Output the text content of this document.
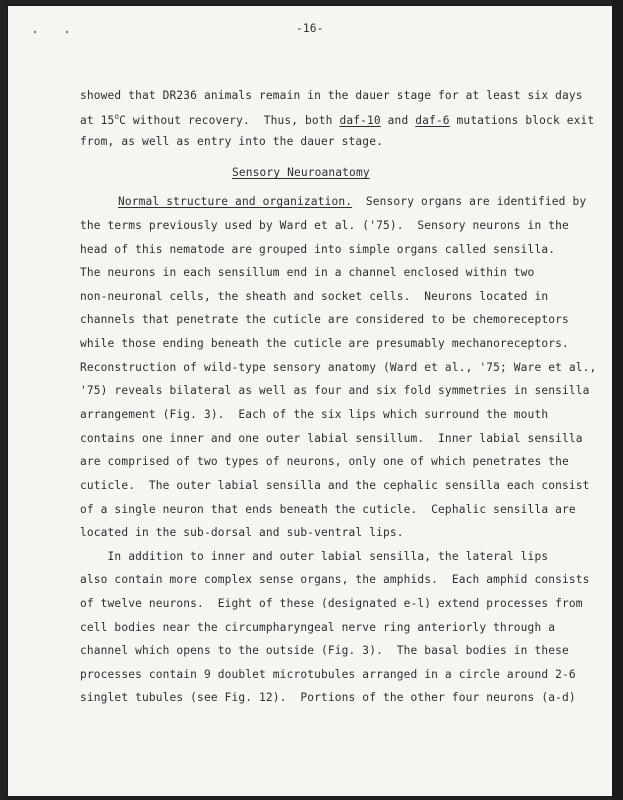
-16-
showed that DR236 animals remain in the dauer stage for at least six days
at 15$^o$C without recovery.  Thus, both daf-10 and daf-6 mutations block exit
from, as well as entry into the dauer stage.
Sensory Neuroanatomy
Normal structure and organization.  Sensory organs are identified by
the terms previously used by Ward et al. ('75).  Sensory neurons in the
head of this nematode are grouped into simple organs called sensilla.
The neurons in each sensillum end in a channel enclosed within two
non-neuronal cells, the sheath and socket cells.  Neurons located in
channels that penetrate the cuticle are considered to be chemoreceptors
while those ending beneath the cuticle are presumably mechanoreceptors.
Reconstruction of wild-type sensory anatomy (Ward et al., '75; Ware et al.,
'75) reveals bilateral as well as four and six fold symmetries in sensilla
arrangement (Fig. 3).  Each of the six lips which surround the mouth
contains one inner and one outer labial sensillum.  Inner labial sensilla
are comprised of two types of neurons, only one of which penetrates the
cuticle.  The outer labial sensilla and the cephalic sensilla each consist
of a single neuron that ends beneath the cuticle.  Cephalic sensilla are
located in the sub-dorsal and sub-ventral lips.
In addition to inner and outer labial sensilla, the lateral lips
also contain more complex sense organs, the amphids.  Each amphid consists
of twelve neurons.  Eight of these (designated e-l) extend processes from
cell bodies near the circumpharyngeal nerve ring anteriorly through a
channel which opens to the outside (Fig. 3).  The basal bodies in these
processes contain 9 doublet microtubules arranged in a circle around 2-6
singlet tubules (see Fig. 12).  Portions of the other four neurons (a-d)
